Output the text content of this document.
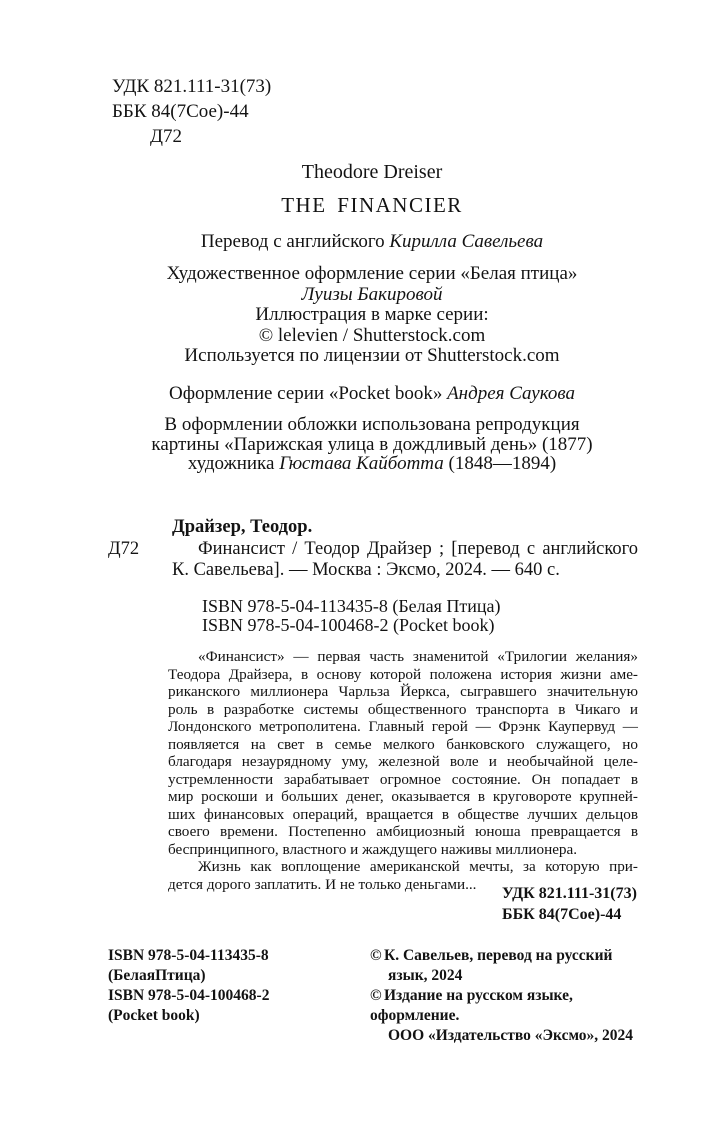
УДК 821.111-31(73)
ББК 84(7Сое)-44
Д72
Theodore Dreiser
THE FINANCIER
Перевод с английского Кирилла Савельева
Художественное оформление серии «Белая птица»
Луизы Бакировой
Иллюстрация в марке серии:
© lelevien / Shutterstock.com
Используется по лицензии от Shutterstock.com
Оформление серии «Pocket book» Андрея Саукова
В оформлении обложки использована репродукция
картины «Парижская улица в дождливый день» (1877)
художника Гюстава Кайботта (1848—1894)
Драйзер, Теодор.
Д72	Финансист / Теодор Драйзер ; [перевод с английского
К. Савельева]. — Москва : Эксмо, 2024. — 640 с.
ISBN 978-5-04-113435-8 (Белая Птица)
ISBN 978-5-04-100468-2 (Pocket book)
«Финансист» — первая часть знаменитой «Трилогии желания»
Теодора Драйзера, в основу которой положена история жизни аме-
риканского миллионера Чарльза Йеркса, сыгравшего значительную
роль в разработке системы общественного транспорта в Чикаго и
Лондонского метрополитена. Главный герой — Фрэнк Каупервуд —
появляется на свет в семье мелкого банковского служащего, но
благодаря незаурядному уму, железной воле и необычайной целе-
устремленности зарабатывает огромное состояние. Он попадает в
мир роскоши и больших денег, оказывается в круговороте крупней-
ших финансовых операций, вращается в обществе лучших дельцов
своего времени. Постепенно амбициозный юноша превращается в
беспринципного, властного и жаждущего наживы миллионера.
Жизнь как воплощение американской мечты, за которую при-
дется дорого заплатить. И не только деньгами...
УДК 821.111-31(73)
ББК 84(7Сое)-44
ISBN 978-5-04-113435-8
(БелаяПтица)
ISBN 978-5-04-100468-2
(Pocket book)
© К. Савельев, перевод на русский
язык, 2024
© Издание на русском языке, оформление.
ООО «Издательство «Эксмо», 2024
